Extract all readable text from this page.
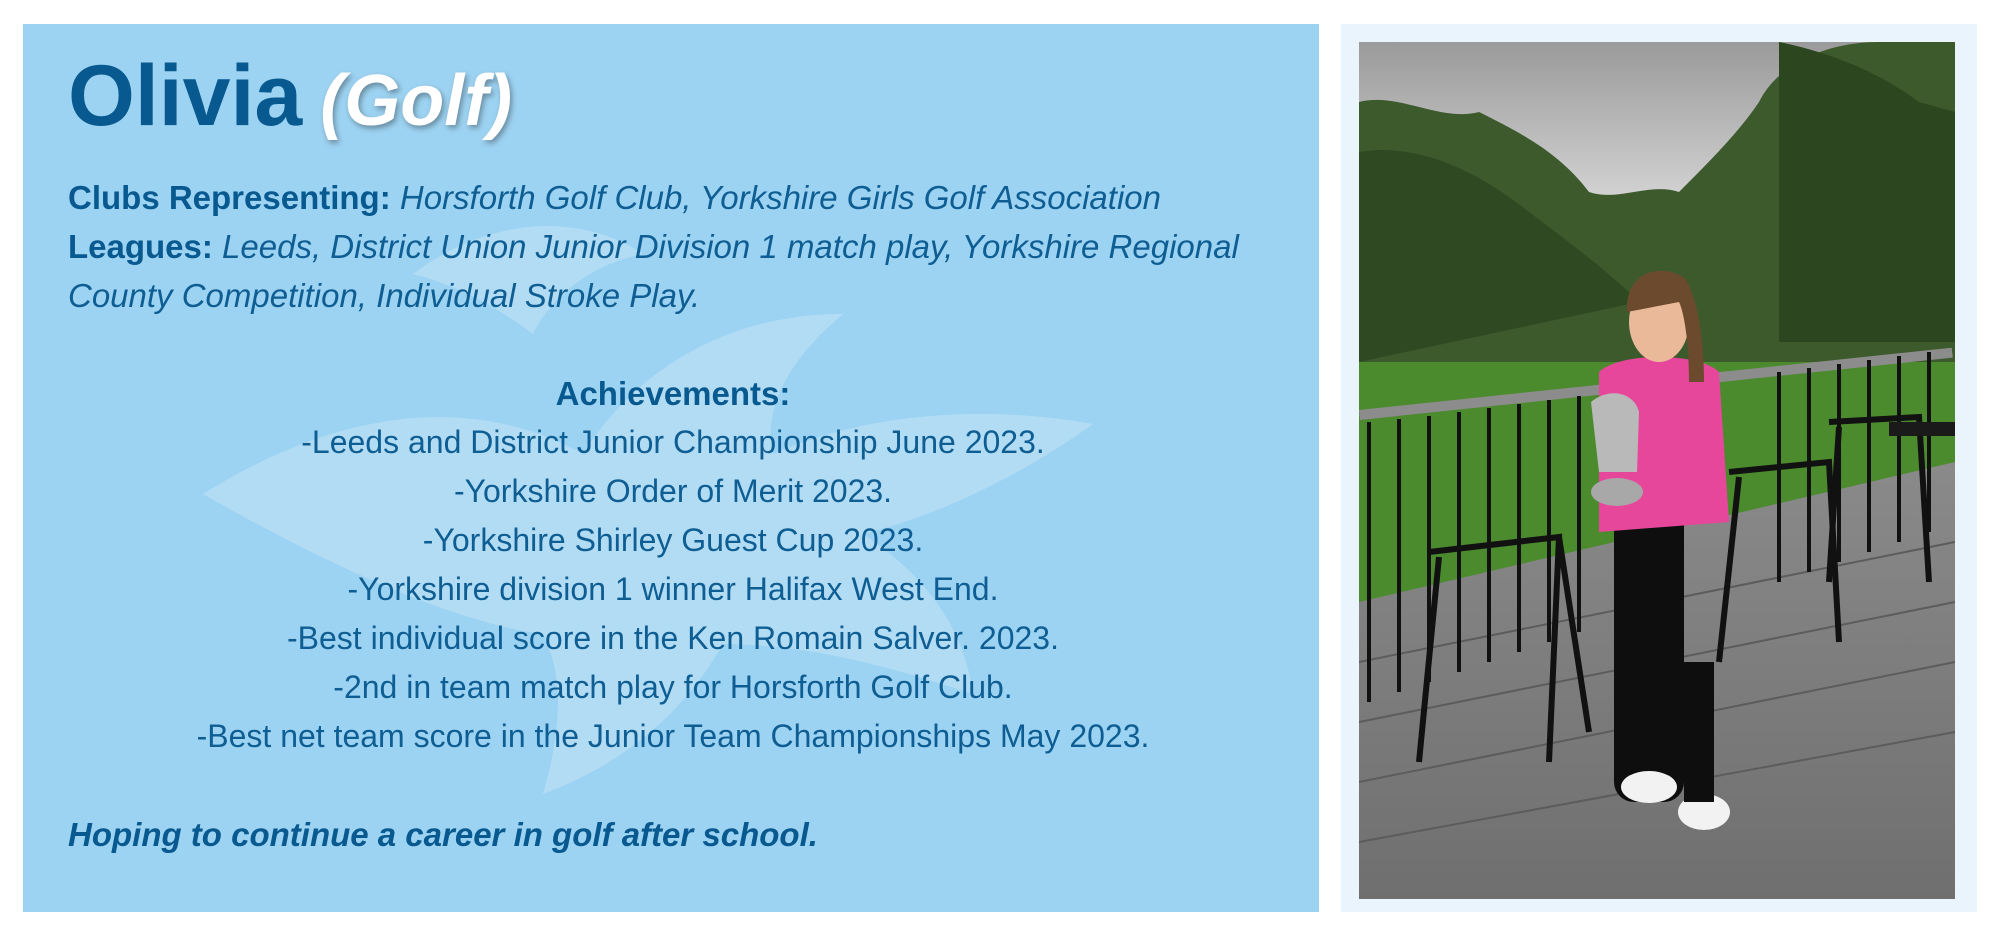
Olivia (Golf)
Clubs Representing: Horsforth Golf Club, Yorkshire Girls Golf Association
Leagues: Leeds, District Union Junior Division 1 match play, Yorkshire Regional County Competition, Individual Stroke Play.
Achievements:
-Leeds and District Junior Championship June 2023.
-Yorkshire Order of Merit 2023.
-Yorkshire Shirley Guest Cup 2023.
-Yorkshire division 1 winner Halifax West End.
-Best individual score in the Ken Romain Salver. 2023.
-2nd in team match play for Horsforth Golf Club.
-Best net team score in the Junior Team Championships May 2023.
Hoping to continue a career in golf after school.
